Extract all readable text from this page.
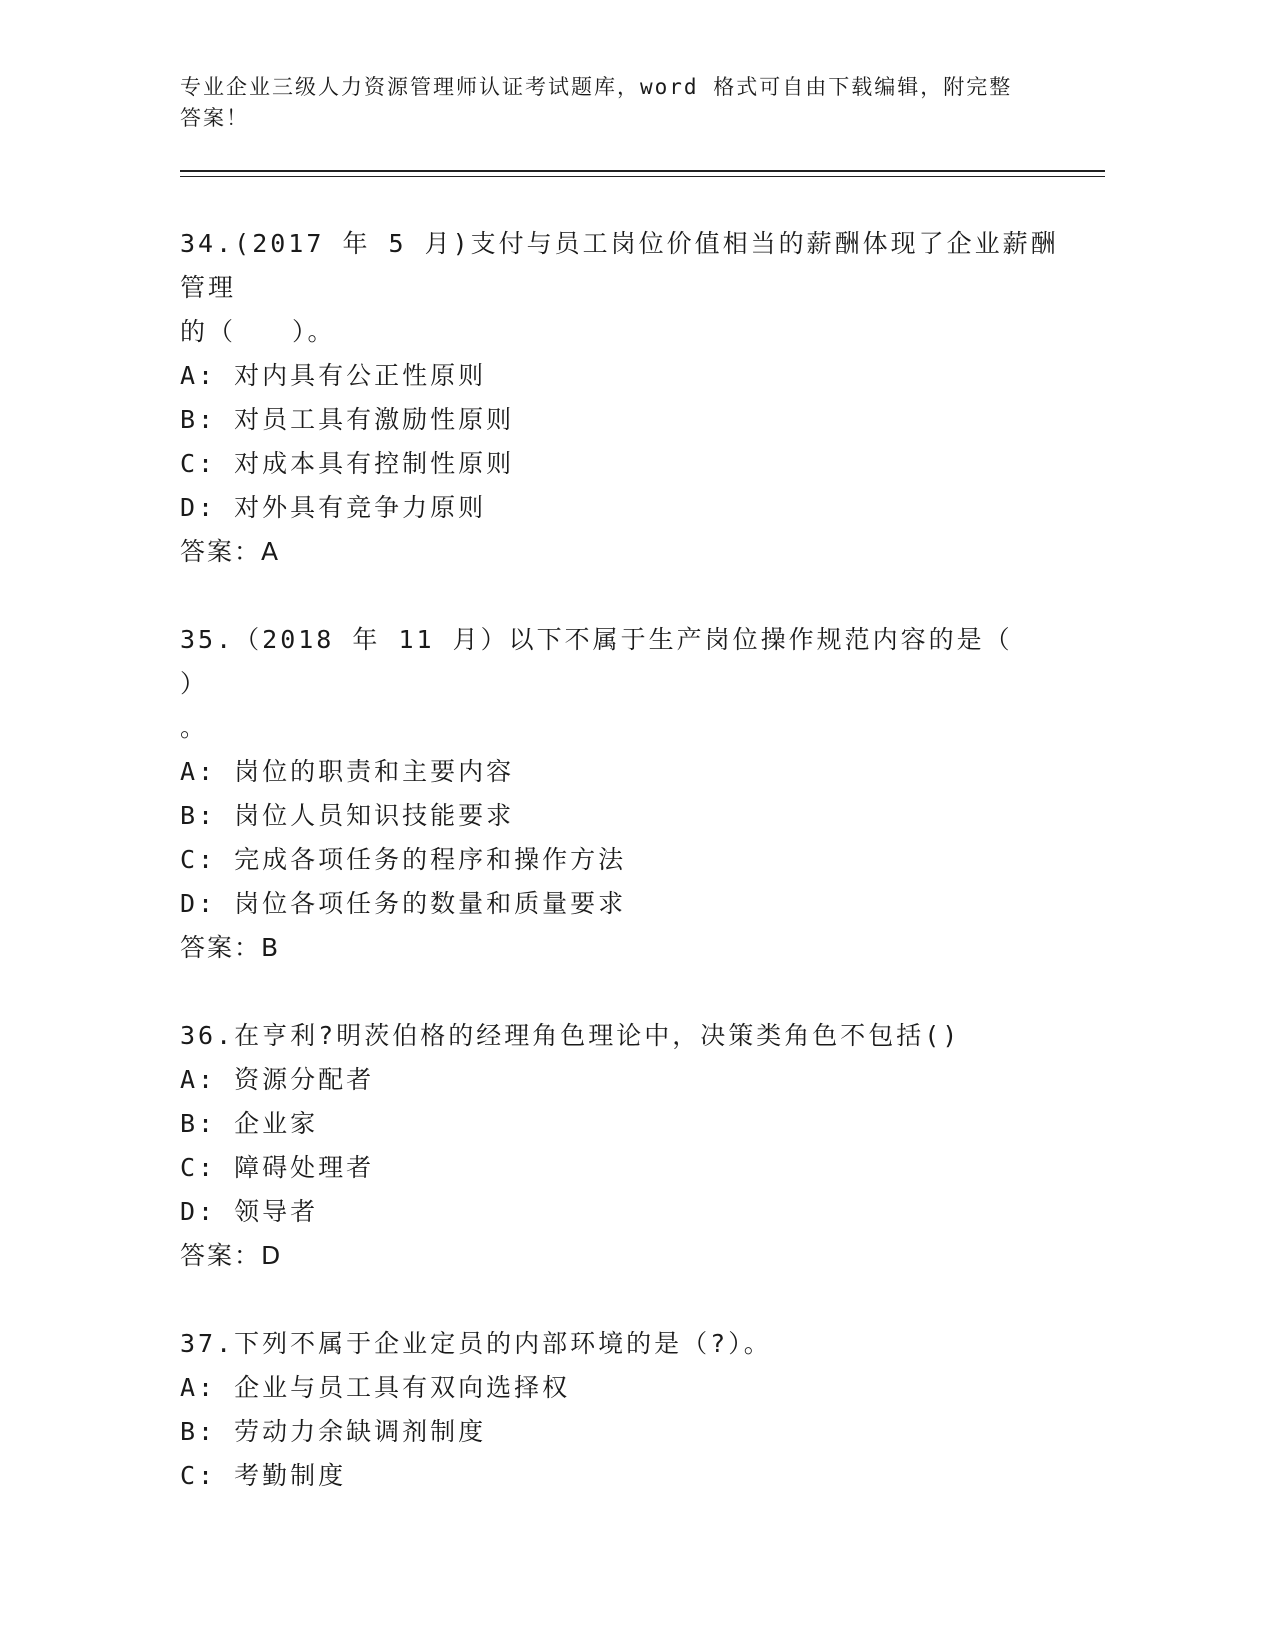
专业企业三级人力资源管理师认证考试题库，word 格式可自由下载编辑，附完整
答案！
34.(2017 年 5 月)支付与员工岗位价值相当的薪酬体现了企业薪酬管理
的（　　）。
A: 对内具有公正性原则
B: 对员工具有激励性原则
C: 对成本具有控制性原则
D: 对外具有竞争力原则
答案：A
35.（2018 年 11 月）以下不属于生产岗位操作规范内容的是（　　）
。
A: 岗位的职责和主要内容
B: 岗位人员知识技能要求
C: 完成各项任务的程序和操作方法
D: 岗位各项任务的数量和质量要求
答案：B
36.在亨利?明茨伯格的经理角色理论中，决策类角色不包括()
A: 资源分配者
B: 企业家
C: 障碍处理者
D: 领导者
答案：D
37.下列不属于企业定员的内部环境的是（?）。
A: 企业与员工具有双向选择权
B: 劳动力余缺调剂制度
C: 考勤制度
